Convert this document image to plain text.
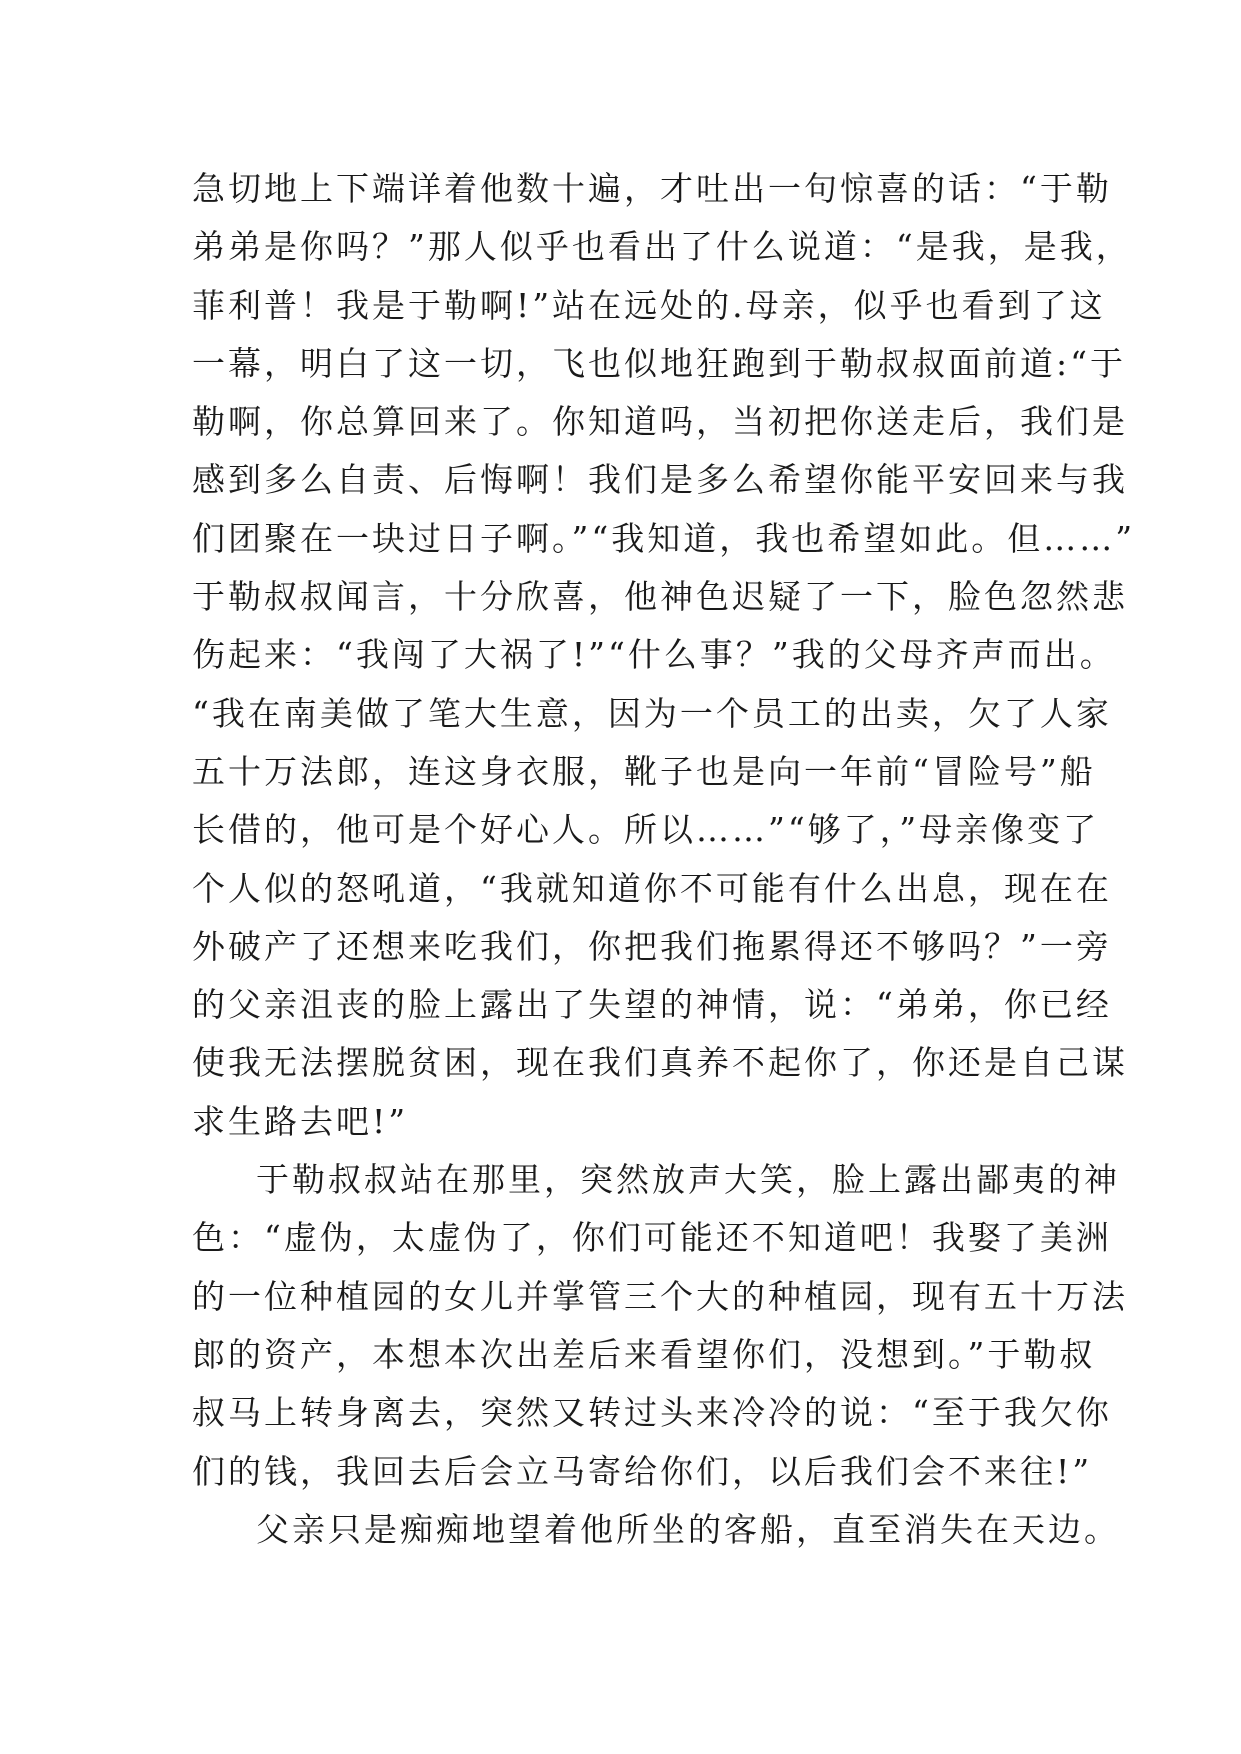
急切地上下端详着他数十遍，才吐出一句惊喜的话：“于勒
弟弟是你吗？”那人似乎也看出了什么说道：“是我，是我，
菲利普！我是于勒啊!”站在远处的.母亲，似乎也看到了这
一幕，明白了这一切，飞也似地狂跑到于勒叔叔面前道:“于
勒啊，你总算回来了。你知道吗，当初把你送走后，我们是
感到多么自责、后悔啊！我们是多么希望你能平安回来与我
们团聚在一块过日子啊。”“我知道，我也希望如此。但……”
于勒叔叔闻言，十分欣喜，他神色迟疑了一下，脸色忽然悲
伤起来：“我闯了大祸了!”“什么事？”我的父母齐声而出。
“我在南美做了笔大生意，因为一个员工的出卖，欠了人家
五十万法郎，连这身衣服，靴子也是向一年前“冒险号”船
长借的，他可是个好心人。所以……”“够了，”母亲像变了
个人似的怒吼道，“我就知道你不可能有什么出息，现在在
外破产了还想来吃我们，你把我们拖累得还不够吗？”一旁
的父亲沮丧的脸上露出了失望的神情，说：“弟弟，你已经
使我无法摆脱贫困，现在我们真养不起你了，你还是自己谋
求生路去吧!”
于勒叔叔站在那里，突然放声大笑，脸上露出鄙夷的神
色：“虚伪，太虚伪了，你们可能还不知道吧！我娶了美洲
的一位种植园的女儿并掌管三个大的种植园，现有五十万法
郎的资产，本想本次出差后来看望你们，没想到。”于勒叔
叔马上转身离去，突然又转过头来冷冷的说：“至于我欠你
们的钱，我回去后会立马寄给你们，以后我们会不来往!”
父亲只是痴痴地望着他所坐的客船，直至消失在天边。
